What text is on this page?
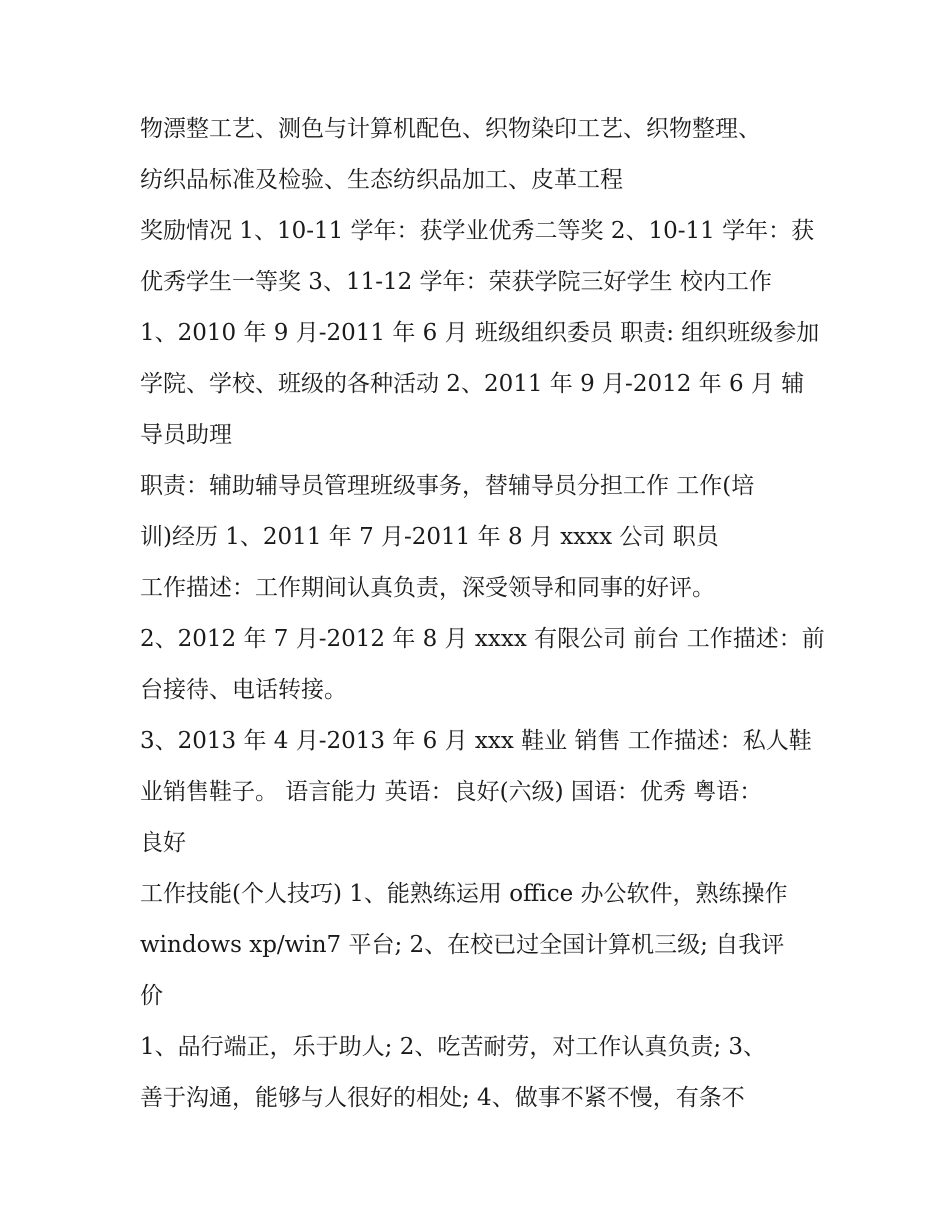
物漂整工艺、测色与计算机配色、织物染印工艺、织物整理、
纺织品标准及检验、生态纺织品加工、皮革工程
奖励情况 1、10-11 学年：获学业优秀二等奖 2、10-11 学年：获
优秀学生一等奖 3、11-12 学年：荣获学院三好学生 校内工作
1、2010 年 9 月-2011 年 6 月 班级组织委员 职责: 组织班级参加
学院、学校、班级的各种活动 2、2011 年 9 月-2012 年 6 月 辅
导员助理
职责：辅助辅导员管理班级事务，替辅导员分担工作 工作(培
训)经历 1、2011 年 7 月-2011 年 8 月 xxxx 公司 职员
工作描述：工作期间认真负责，深受领导和同事的好评。
2、2012 年 7 月-2012 年 8 月 xxxx 有限公司 前台 工作描述：前
台接待、电话转接。
3、2013 年 4 月-2013 年 6 月 xxx 鞋业 销售 工作描述：私人鞋
业销售鞋子。 语言能力 英语：良好(六级) 国语：优秀 粤语：
良好
工作技能(个人技巧) 1、能熟练运用 office 办公软件，熟练操作
windows xp/win7 平台; 2、在校已过全国计算机三级; 自我评
价
1、品行端正，乐于助人; 2、吃苦耐劳，对工作认真负责; 3、
善于沟通，能够与人很好的相处; 4、做事不紧不慢，有条不
